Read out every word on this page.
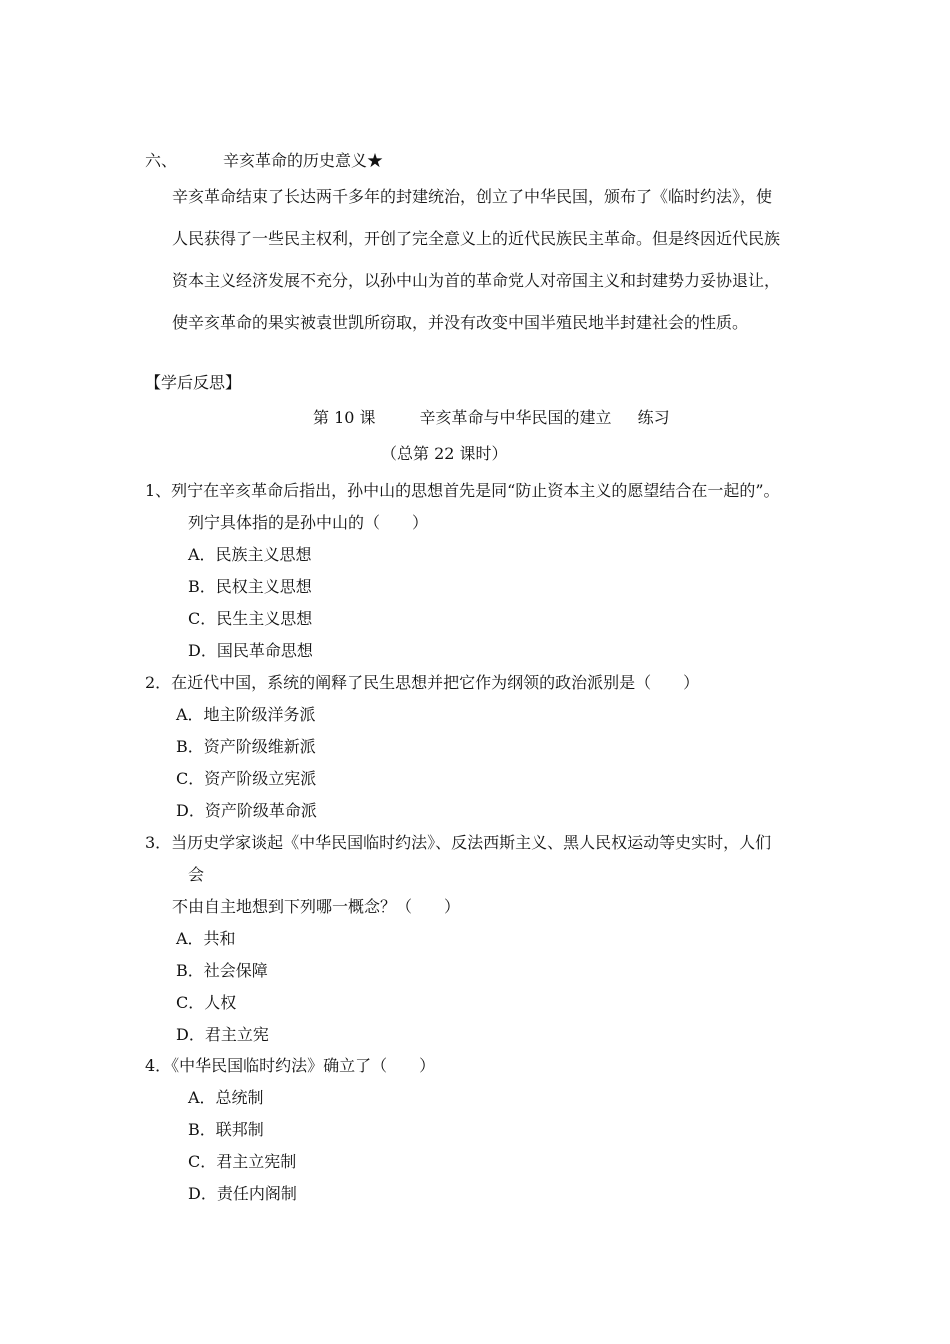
六、	辛亥革命的历史意义★
辛亥革命结束了长达两千多年的封建统治，创立了中华民国，颁布了《临时约法》，使
人民获得了一些民主权利，开创了完全意义上的近代民族民主革命。但是终因近代民族
资本主义经济发展不充分，以孙中山为首的革命党人对帝国主义和封建势力妥协退让，
使辛亥革命的果实被袁世凯所窃取，并没有改变中国半殖民地半封建社会的性质。
【学后反思】
第 10 课	辛亥革命与中华民国的建立 练习
（总第 22 课时）
1、列宁在辛亥革命后指出，孙中山的思想首先是同“防止资本主义的愿望结合在一起的”。
列宁具体指的是孙中山的（　　）
A．民族主义思想
B．民权主义思想
C．民生主义思想
D．国民革命思想
2．在近代中国，系统的阐释了民生思想并把它作为纲领的政治派别是（　　）
A．地主阶级洋务派
B．资产阶级维新派
C．资产阶级立宪派
D．资产阶级革命派
3．当历史学家谈起《中华民国临时约法》、反法西斯主义、黑人民权运动等史实时，人们
会
不由自主地想到下列哪一概念？（　　）
A．共和
B．社会保障
C．人权
D．君主立宪
4．《中华民国临时约法》确立了（　　）
A．总统制
B．联邦制
C．君主立宪制
D．责任内阁制
